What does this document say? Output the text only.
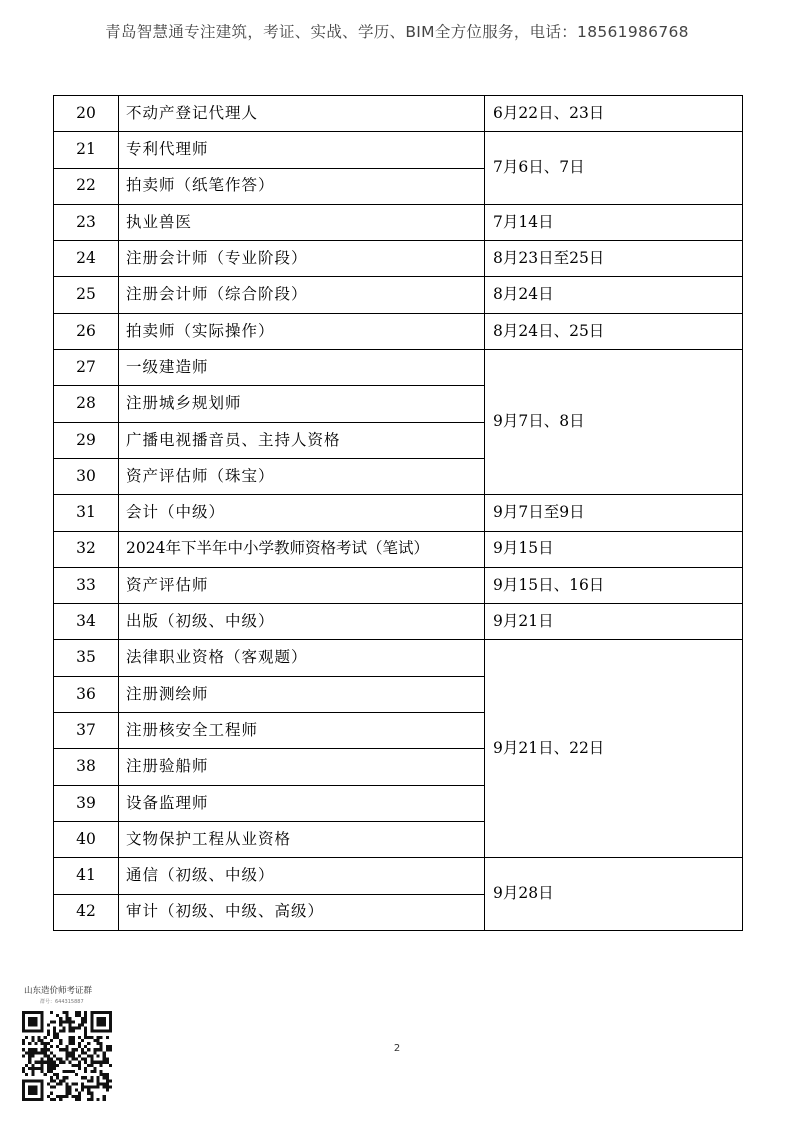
青岛智慧通专注建筑，考证、实战、学历、BIM全方位服务，电话：18561986768
20	不动产登记代理人	6月22日、23日
21	专利代理师	7月6日、7日
22	拍卖师（纸笔作答）	
23	执业兽医	7月14日
24	注册会计师（专业阶段）	8月23日至25日
25	注册会计师（综合阶段）	8月24日
26	拍卖师（实际操作）	8月24日、25日
27	一级建造师	9月7日、8日
28	注册城乡规划师	
29	广播电视播音员、主持人资格	
30	资产评估师（珠宝）	
31	会计（中级）	9月7日至9日
32	2024年下半年中小学教师资格考试（笔试）	9月15日
33	资产评估师	9月15日、16日
34	出版（初级、中级）	9月21日
35	法律职业资格（客观题）	9月21日、22日
36	注册测绘师	
37	注册核安全工程师	
38	注册验船师	
39	设备监理师	
40	文物保护工程从业资格	
41	通信（初级、中级）	9月28日
42	审计（初级、中级、高级）	
山东造价师考证群
群号：644315887
2
